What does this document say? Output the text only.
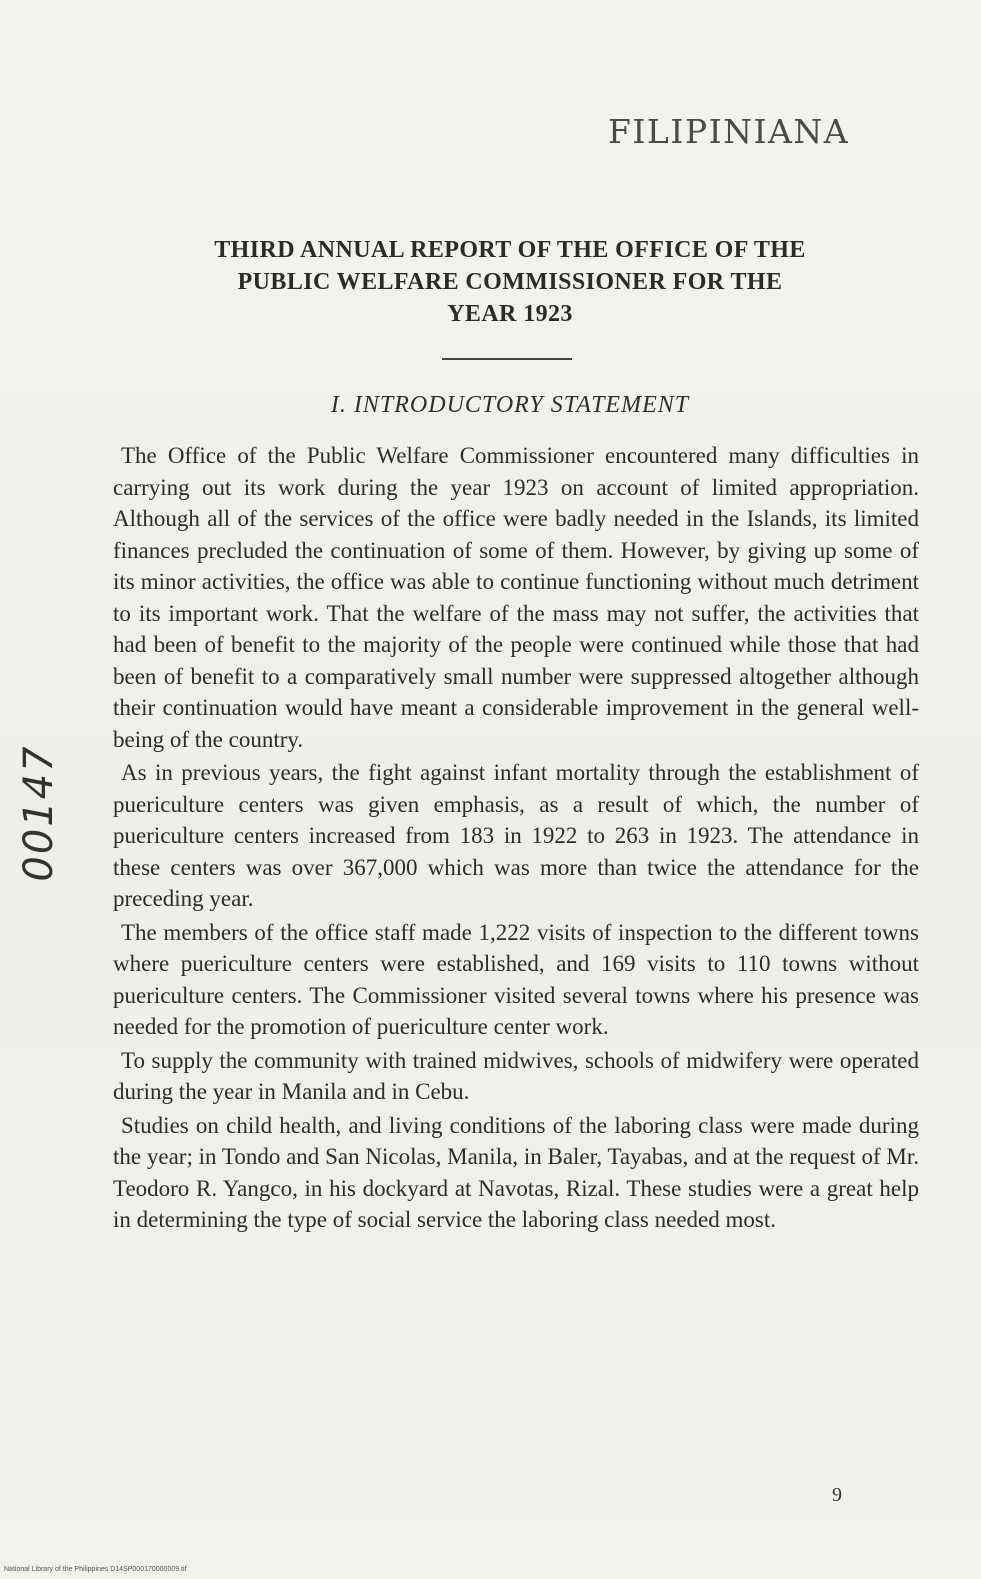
FILIPINIANA
THIRD ANNUAL REPORT OF THE OFFICE OF THE
PUBLIC WELFARE COMMISSIONER FOR THE
YEAR 1923
I. INTRODUCTORY STATEMENT

The Office of the Public Welfare Commissioner encountered many difficulties in carrying out its work during the year 1923 on account of limited appropriation. Although all of the services of the office were badly needed in the Islands, its limited finances precluded the continuation of some of them. However, by giving up some of its minor activities, the office was able to continue functioning without much detriment to its important work. That the welfare of the mass may not suffer, the activities that had been of benefit to the majority of the people were continued while those that had been of benefit to a comparatively small number were suppressed altogether although their continuation would have meant a considerable improvement in the general well-being of the country.

As in previous years, the fight against infant mortality through the establishment of puericulture centers was given emphasis, as a result of which, the number of puericulture centers increased from 183 in 1922 to 263 in 1923. The attendance in these centers was over 367,000 which was more than twice the attendance for the preceding year.

The members of the office staff made 1,222 visits of inspection to the different towns where puericulture centers were established, and 169 visits to 110 towns without puericulture centers. The Commissioner visited several towns where his presence was needed for the promotion of puericulture center work.

To supply the community with trained midwives, schools of midwifery were operated during the year in Manila and in Cebu.

Studies on child health, and living conditions of the laboring class were made during the year; in Tondo and San Nicolas, Manila, in Baler, Tayabas, and at the request of Mr. Teodoro R. Yangco, in his dockyard at Navotas, Rizal. These studies were a great help in determining the type of social service the laboring class needed most.

00147
9
National Library of the Philippines D14SP000170000009.tif
